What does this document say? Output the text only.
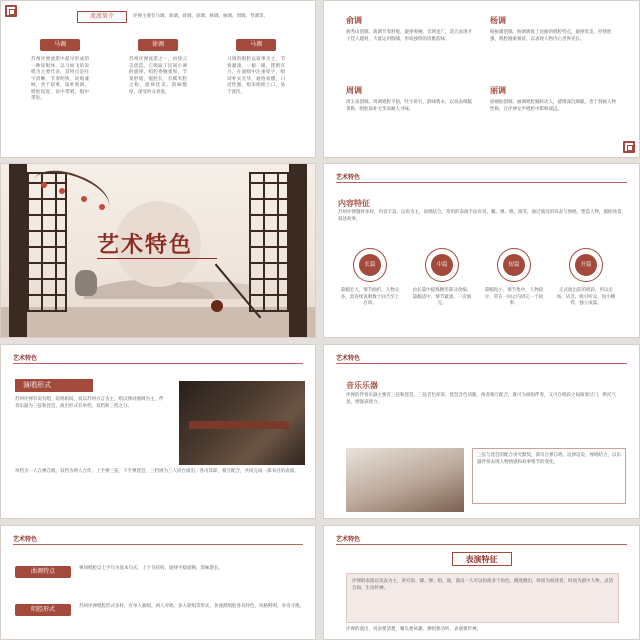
流派简介	评弹主要有马调、俞调、蒋调、徐调、杨调、丽调、周调、琴调等。
马调
苏州评弹流派中最早形成的一种说唱体，以马如飞的说唱为主要代表，其特点是吐字清晰，节奏明快，说唱兼顾，善于叙事，质朴爽朗，唱腔短促，说中带唱，唱中带说。
徐调
苏州评弹流派之一，由徐云志创造。它吸取了民间小调的旋律，唱腔委婉柔和，节奏舒缓，拖腔长，有糯米腔之称，旋律优美，韵味醇厚，深受听众喜爱。
马调
马调的唱腔以叙事为主，节奏紧凑，一板一眼，铿锵有力，在演唱中注重咬字，唱词朴实无华，通俗易懂，口语性强，唱来朗朗上口，易于流传。
俞调
俞秀山创制。俞调节奏舒缓、旋律委婉，音域宽广，适合表现才子佳人题材，大量运用假嗓，形成独特的清雅韵味。
杨调
杨振雄创制。杨调吸收了昆曲的唱腔特点，旋律优美，抒情性强，唱腔刚柔相济，以表现人物内心世界见长。
周调
周玉泉创制。周调唱腔平稳，吐字讲究，韵味隽永，以说表细腻著称，唱腔质朴无华而耐人寻味。
丽调
徐丽仙创制。丽调唱腔婉转动人，感情深沉细腻，善于刻画人物性格，在评弹女声唱腔中影响深远。
艺术特色
艺术特色
内容特征
苏州评弹题材多样，内容丰富。以说为主，说唱结合，常用的表演手法有说、噱、弹、唱、演等，通过演员的说表与弹唱，塑造人物，描绘场景，叙述故事。
长篇
篇幅宏大，情节曲折，人物众多，需连续说唱数十回乃至上百回。
中篇
由长篇中提炼精华部分改编，篇幅适中，情节紧凑，一次演完。
短篇
篇幅短小，情节集中，人物较少，常在一回之内讲完一个故事。
开篇
正式演出前的唱段，用以定场、试音、吸引听众，短小精悍，独立成篇。
艺术特色
演唱形式
苏州评弹有说有唱，说唱相间。说以苏州方言为主，唱以弹词曲调为主，伴奏乐器为三弦和琵琶，演出形式有单档、双档和三档之分。
单档为一人自弹自唱，双档为两人合作，上手弹三弦，下手弹琵琶，三档则为三人同台演出，各司其职，相互配合，共同完成一部书目的表演。
艺术特色
音乐乐器
评弹的伴奏乐器主要有三弦和琵琶。三弦音色浑厚，琵琶音色清脆，两者相互配合，既可为演唱伴奏，又可在唱段之间演奏过门，烘托气氛，增强表现力。
三弦与琵琶的配合讲究默契，演员自弹自唱，边弹边说，弹唱结合，以乐器伴奏表现人物情感和故事情节的变化。
艺术特色
曲调特点	弹词唱腔以七字句为基本句式，上下句结构，旋律平稳流畅，韵味悠长。
唱腔形式	苏州评弹唱腔形式多样，有单人独唱、两人对唱、多人轮唱等形式，各流派唱腔各具特色，风格鲜明，争奇斗艳。
艺术特色
表演特征
评弹的表演以说表为主，讲究说、噱、弹、唱、演，演员一人可以扮演多个角色，跳进跳出，时而为叙述者，时而为剧中人物，灵活自如，生动传神。
评弹的演出，说表要清楚，噱头要风趣，弹唱要动听，表演要传神。
